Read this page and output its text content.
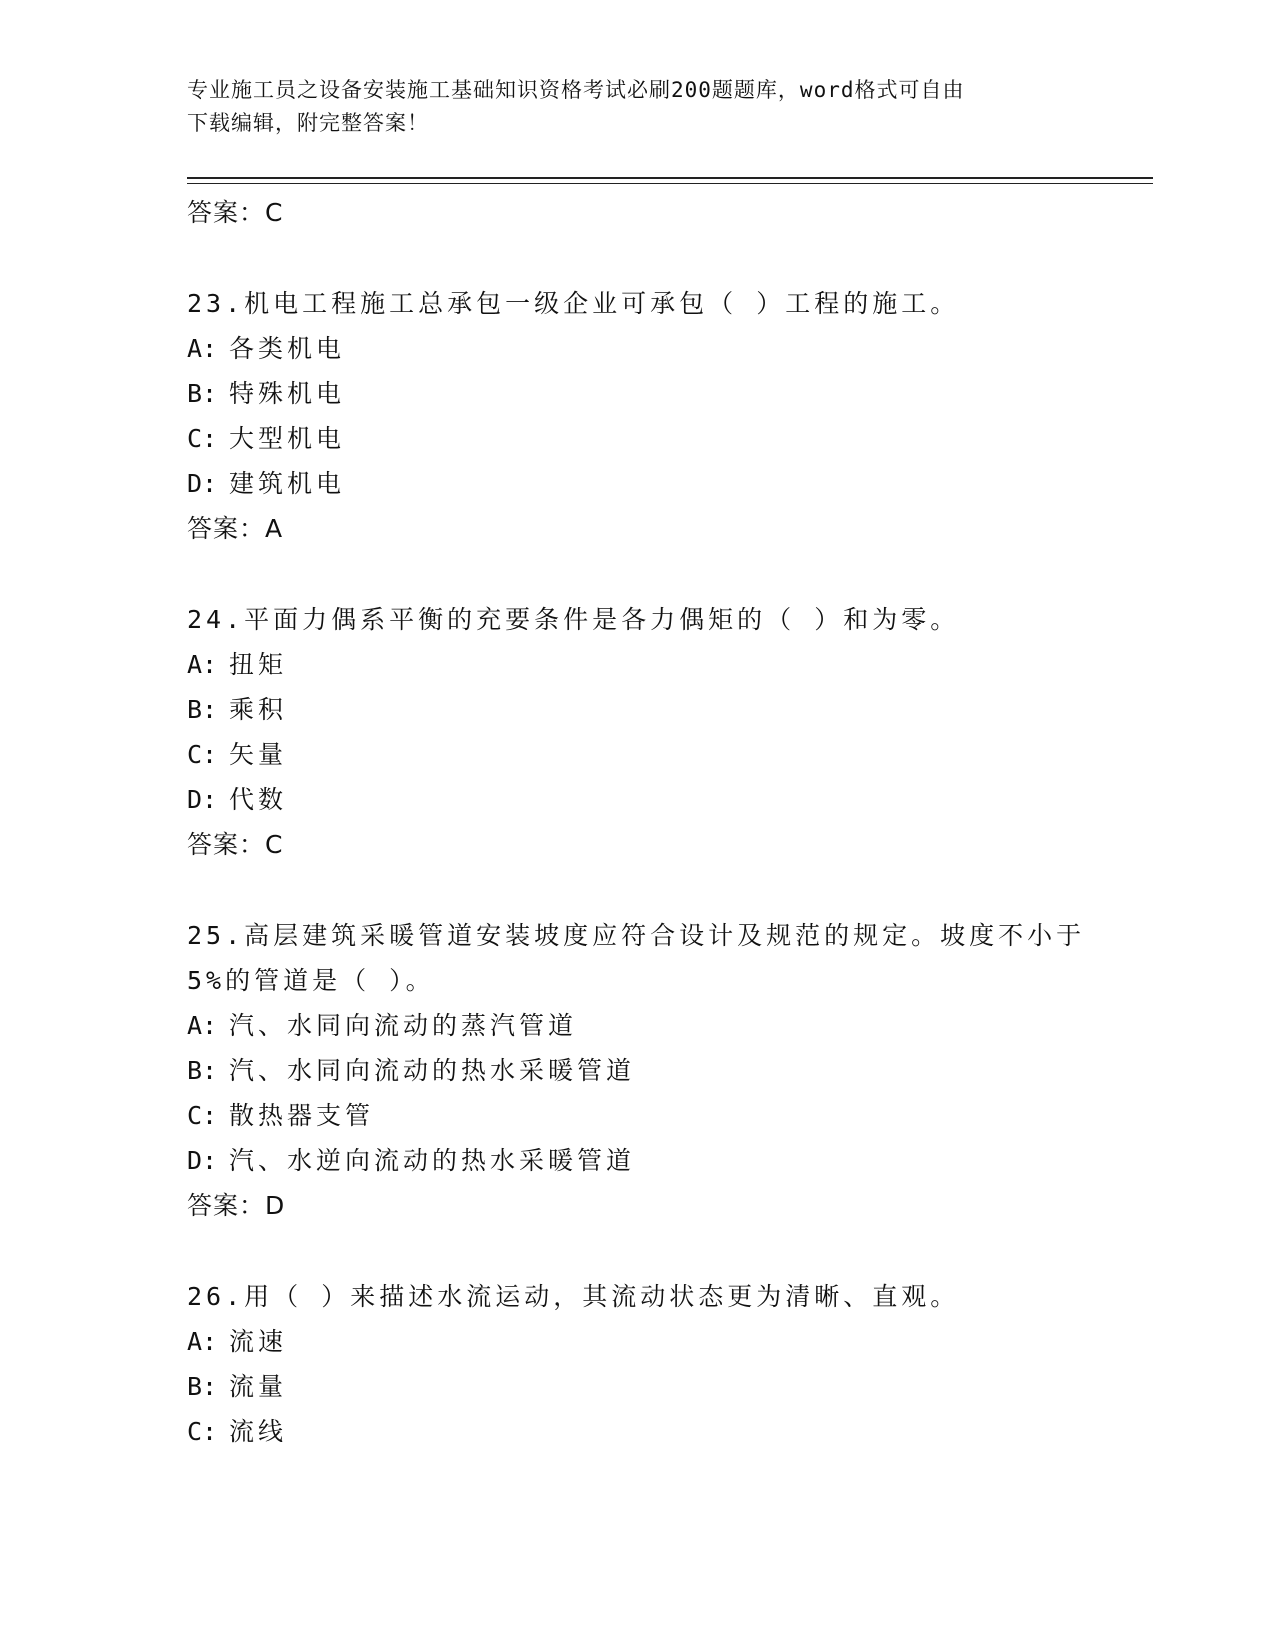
专业施工员之设备安装施工基础知识资格考试必刷200题题库，word格式可自由
下载编辑，附完整答案！
答案：C
23.机电工程施工总承包一级企业可承包（ ）工程的施工。
A: 各类机电
B: 特殊机电
C: 大型机电
D: 建筑机电
答案：A
24.平面力偶系平衡的充要条件是各力偶矩的（ ）和为零。
A: 扭矩
B: 乘积
C: 矢量
D: 代数
答案：C
25.高层建筑采暖管道安装坡度应符合设计及规范的规定。坡度不小于
5%的管道是（ ）。
A: 汽、水同向流动的蒸汽管道
B: 汽、水同向流动的热水采暖管道
C: 散热器支管
D: 汽、水逆向流动的热水采暖管道
答案：D
26.用（ ）来描述水流运动，其流动状态更为清晰、直观。
A: 流速
B: 流量
C: 流线
